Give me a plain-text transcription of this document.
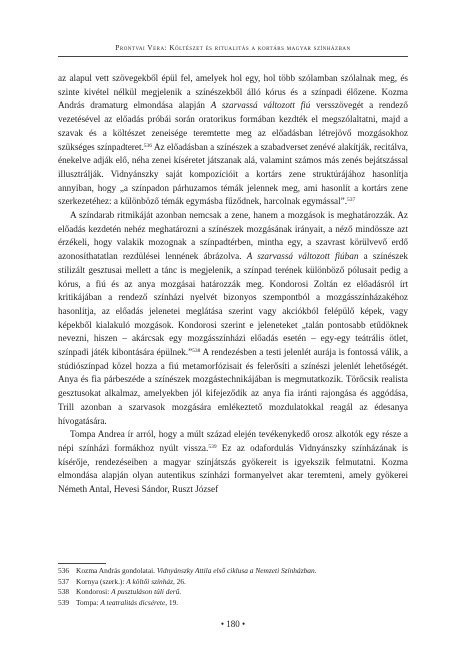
Prontvai Vera: Költészet és ritualitás a kortárs magyar színházban

az alapul vett szövegekből épül fel, amelyek hol egy, hol több szólamban szólalnak meg, és szinte kivétel nélkül megjelenik a színészekből álló kórus és a színpadi élőzene. Kozma András dramaturg elmondása alapján A szarvassá változott fiú versszövegét a rendező vezetésével az előadás próbái során oratorikus formában kezdték el megszólaltatni, majd a szavak és a költészet zeneisége teremtette meg az előadásban létrejövő mozgásokhoz szükséges színpadteret.$^{536}$ Az előadásban a színészek a szabadverset zenévé alakítják, recitálva, énekelve adják elő, néha zenei kíséretet játszanak alá, valamint számos más zenés bejátszással illusztrálják. Vidnyánszky saját kompozícióit a kortárs zene struktúrájához hasonlítja annyiban, hogy „a színpadon párhuzamos témák jelennek meg, ami hasonlít a kortárs zene szerkezetéhez: a különböző témák egymásba fűződnek, harcolnak egymással”.$^{537}$

A színdarab ritmikáját azonban nemcsak a zene, hanem a mozgások is meghatározzák. Az előadás kezdetén nehéz meghatározni a színészek mozgásának irányait, a néző mindössze azt érzékeli, hogy valakik mozognak a színpadtérben, mintha egy, a szavrast körülvevő erdő azonosíthatatlan rezdülései lennének ábrázolva. A szarvassá változott fiúban a színészek stilizált gesztusai mellett a tánc is megjelenik, a színpad terének különböző pólusait pedig a kórus, a fiú és az anya mozgásai határozzák meg. Kondorosi Zoltán ez előadásról írt kritikájában a rendező színházi nyelvét bizonyos szempontból a mozgásszínházakéhoz hasonlítja, az előadás jelenetei meglátása szerint vagy akciókból felépülő képek, vagy képekből kialakuló mozgások. Kondorosi szerint e jeleneteket „talán pontosabb etűdöknek nevezni, hiszen – akárcsak egy mozgásszínházi előadás esetén – egy-egy teátrális ötlet, színpadi játék kibontására épülnek.”$^{538}$ A rendezésben a testi jelenlét aurája is fontossá válik, a stúdiószínpad közel hozza a fiú metamorfózisait és felerősíti a színészi jelenlét lehetőségét. Anya és fia párbeszéde a színészek mozgástechnikájában is megmutatkozik. Törőcsik realista gesztusokat alkalmaz, amelyekben jól kifejeződik az anya fia iránti rajongása és aggódása, Trill azonban a szarvasok mozgására emlékeztető mozdulatokkal reagál az édesanya hívogatására.

Tompa Andrea ír arról, hogy a múlt század elején tevékenykedő orosz alkotók egy része a népi színházi formákhoz nyúlt vissza.$^{539}$ Ez az odafordulás Vidnyánszky színházának is kísérője, rendezéseiben a magyar színjátszás gyökereit is igyekszik felmutatni. Kozma elmondása alapján olyan autentikus színházi formanyelvet akar teremteni, amely gyökerei Németh Antal, Hevesi Sándor, Ruszt József

536 Kozma András gondolatai. Vidnyánszky Attila első ciklusa a Nemzeti Színházban.
537 Kornya (szerk.): A költői színház, 26.
538 Kondorosi: A pusztuláson túli derű.
539 Tompa: A teatralitás dicsérete, 19.
• 180 •
